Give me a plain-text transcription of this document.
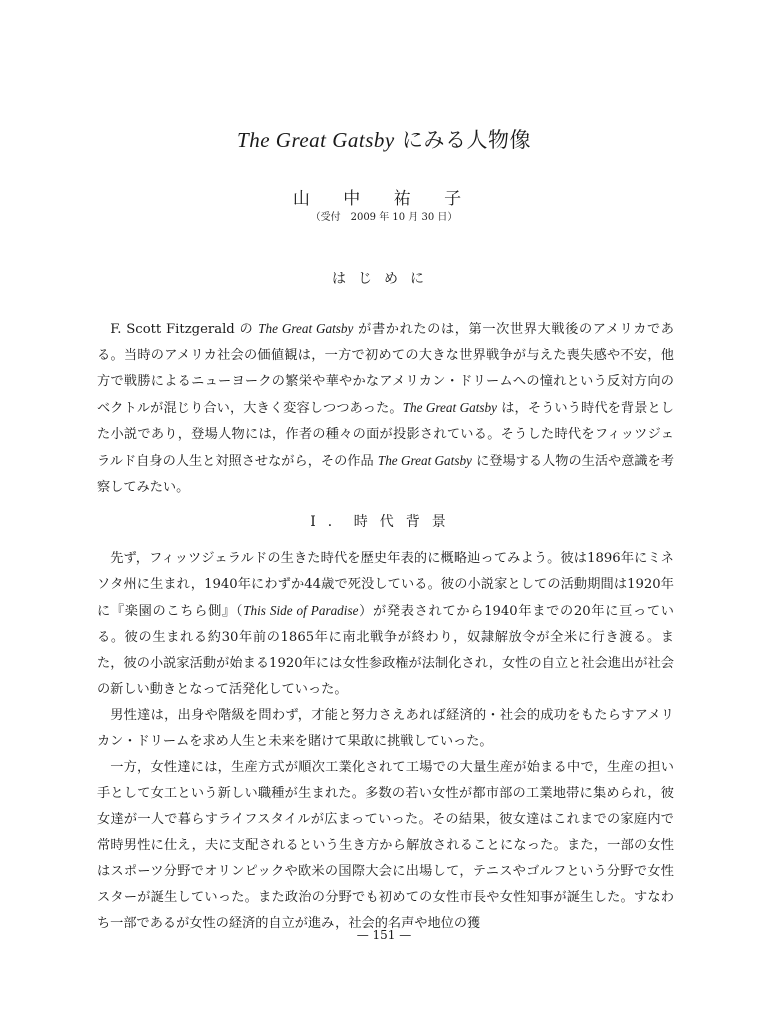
The Great Gatsby にみる人物像
山 中 祐 子
（受付　2009 年 10 月 30 日）
はじめに

F. Scott Fitzgerald の The Great Gatsby が書かれたのは，第一次世界大戦後のアメリカである。当時のアメリカ社会の価値観は，一方で初めての大きな世界戦争が与えた喪失感や不安，他方で戦勝によるニューヨークの繁栄や華やかなアメリカン・ドリームへの憧れという反対方向のベクトルが混じり合い，大きく変容しつつあった。The Great Gatsby は，そういう時代を背景とした小説であり，登場人物には，作者の種々の面が投影されている。そうした時代をフィッツジェラルド自身の人生と対照させながら，その作品 The Great Gatsby に登場する人物の生活や意識を考察してみたい。

Ⅰ．時代背景

先ず，フィッツジェラルドの生きた時代を歴史年表的に概略辿ってみよう。彼は1896年にミネソタ州に生まれ，1940年にわずか44歳で死没している。彼の小説家としての活動期間は1920年に『楽園のこちら側』（This Side of Paradise）が発表されてから1940年までの20年に亘っている。彼の生まれる約30年前の1865年に南北戦争が終わり，奴隷解放令が全米に行き渡る。また，彼の小説家活動が始まる1920年には女性参政権が法制化され，女性の自立と社会進出が社会の新しい動きとなって活発化していった。

男性達は，出身や階級を問わず，才能と努力さえあれば経済的・社会的成功をもたらすアメリカン・ドリームを求め人生と未来を賭けて果敢に挑戦していった。

一方，女性達には，生産方式が順次工業化されて工場での大量生産が始まる中で，生産の担い手として女工という新しい職種が生まれた。多数の若い女性が都市部の工業地帯に集められ，彼女達が一人で暮らすライフスタイルが広まっていった。その結果，彼女達はこれまでの家庭内で常時男性に仕え，夫に支配されるという生き方から解放されることになった。また，一部の女性はスポーツ分野でオリンピックや欧米の国際大会に出場して，テニスやゴルフという分野で女性スターが誕生していった。また政治の分野でも初めての女性市長や女性知事が誕生した。すなわち一部であるが女性の経済的自立が進み，社会的名声や地位の獲

— 151 —
